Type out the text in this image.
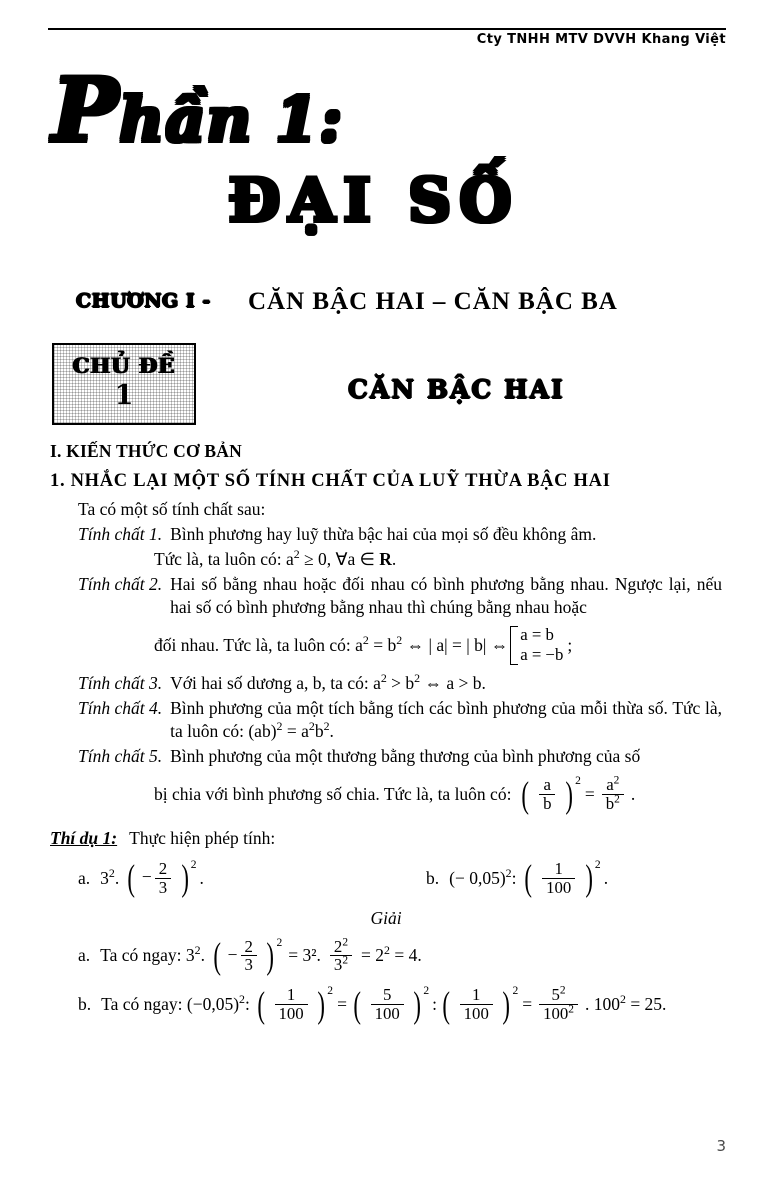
Cty TNHH MTV DVVH Khang Việt
Phần 1:
ĐẠI SỐ
CHƯƠNG I - CĂN BẬC HAI – CĂN BẬC BA
CHỦ ĐỀ
1	CĂN BẬC HAI
I. KIẾN THỨC CƠ BẢN
1. NHẮC LẠI MỘT SỐ TÍNH CHẤT CỦA LUỸ THỪA BẬC HAI
Ta có một số tính chất sau:
Tính chất 1. Bình phương hay luỹ thừa bậc hai của mọi số đều không âm.
Tức là, ta luôn có: $a^2 \ge 0$, ∀a ∈ R.
Tính chất 2. Hai số bằng nhau hoặc đối nhau có bình phương bằng nhau. Ngược lại, nếu hai số có bình phương bằng nhau thì chúng bằng nhau hoặc
đối nhau. Tức là, ta luôn có: $a^2 = b^2$ ⇔ | a| = | b| ⇔
a = b
a = −b
;
Tính chất 3. Với hai số dương a, b, ta có: $a^2 > b^2$ ⇔ a > b.
Tính chất 4. Bình phương của một tích bằng tích các bình phương của mỗi thừa số. Tức là, ta luôn có: $(ab)^2 = a^2b^2$.
Tính chất 5. Bình phương của một thương bằng thương của bình phương của số
bị chia với bình phương số chia. Tức là, ta luôn có: ( $\frac{a}{b}$ ) 2
= $\frac{a^2}{b^2}$ .
Thí dụ 1: Thực hiện phép tính:
a. $3^2$. ( − $\frac{2}{3}$ ) 2
.	b. (− 0,05)$^2$: ( $\frac{1}{100}$ ) 2
.
Giải
a. Ta có ngay: $3^2$. ( − $\frac{2}{3}$ ) 2
= 3². $\frac{2^2}{3^2} = 2^2 = 4$.
b. Ta có ngay: $(-0,05)^2$: ( $\frac{1}{100}$ ) 2
= ( $\frac{5}{100}$ ) 2
: ( $\frac{1}{100}$ ) 2
= $\frac{5^2}{100^2}$ . $100^2 = 25$.
3
